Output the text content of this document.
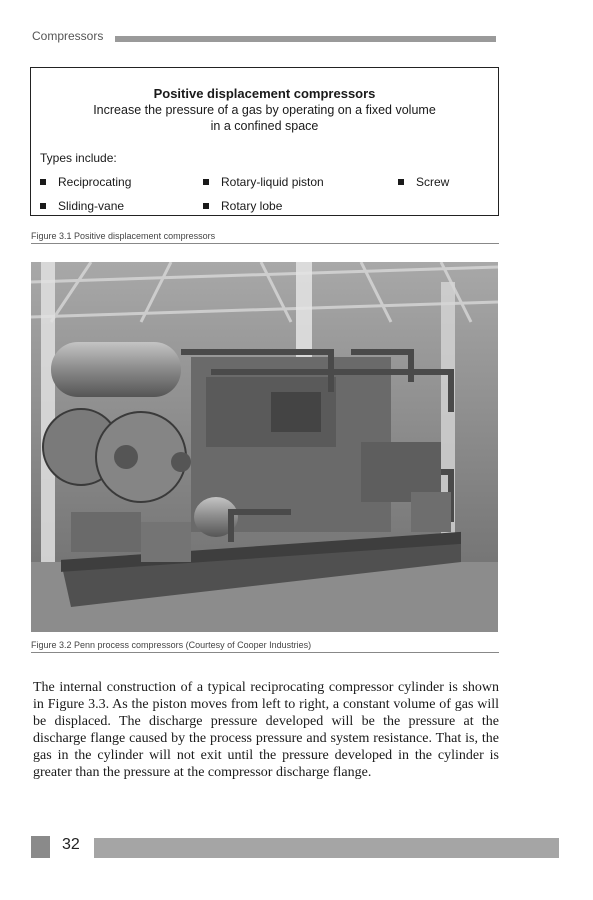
Compressors
Positive displacement compressors
Increase the pressure of a gas by operating on a fixed volume in a confined space
Types include:
Reciprocating	Rotary-liquid piston	Screw
Sliding-vane	Rotary lobe
Figure 3.1 Positive displacement compressors
Figure 3.2 Penn process compressors (Courtesy of Cooper Industries)
The internal construction of a typical reciprocating compressor cylinder is shown in Figure 3.3. As the piston moves from left to right, a constant volume of gas will be displaced. The discharge pressure developed will be the pressure at the discharge flange caused by the process pressure and system resistance. That is, the gas in the cylinder will not exit until the pressure developed in the cylinder is greater than the pressure at the compressor discharge flange.
32
